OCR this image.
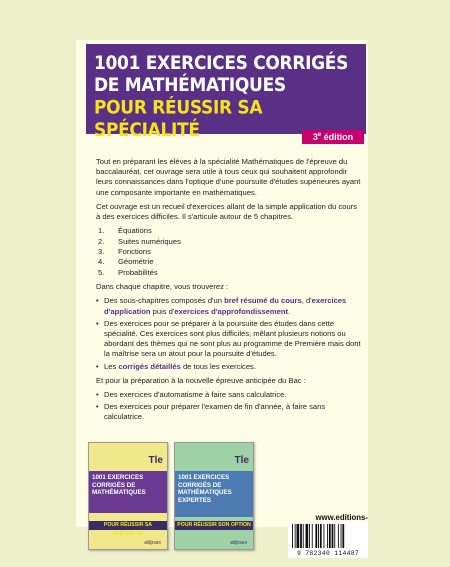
1001 EXERCICES CORRIGÉS
DE MATHÉMATIQUES
POUR RÉUSSIR SA SPÉCIALITÉ	3e édition

Tout en préparant les élèves à la spécialité Mathématiques de l'épreuve du baccalauréat, cet ouvrage sera utile à tous ceux qui souhaitent approfondir leurs connaissances dans l'optique d'une poursuite d'études supérieures ayant une composante importante en mathématiques.

Cet ouvrage est un recueil d'exercices allant de la simple application du cours à des exercices difficiles. Il s'articule autour de 5 chapitres.

1. Équations
2. Suites numériques
3. Fonctions
4. Géométrie
5. Probabilités

Dans chaque chapitre, vous trouverez :

• Des sous-chapitres composés d'un bref résumé du cours, d'exercices d'application puis d'exercices d'approfondissement.
• Des exercices pour se préparer à la poursuite des études dans cette spécialité. Ces exercices sont plus difficiles, mêlant plusieurs notions ou abordant des thèmes qui ne sont plus au programme de Première mais dont la maîtrise sera un atout pour la poursuite d'études.
• Les corrigés détaillés de tous les exercices.

Et pour la préparation à la nouvelle épreuve anticipée du Bac :

• Des exercices d'automatisme à faire sans calculatrice.
• Des exercices pour préparer l'examen de fin d'année, à faire sans calculatrice.
Tle
1001 EXERCICES CORRIGÉS DE MATHÉMATIQUES
POUR RÉUSSIR SA SPÉCIALITÉ
ellipses
Tle
1001 EXERCICES CORRIGÉS DE MATHÉMATIQUES EXPERTES
POUR RÉUSSIR SON OPTION
ellipses
www.editions-
9 782340 114487
